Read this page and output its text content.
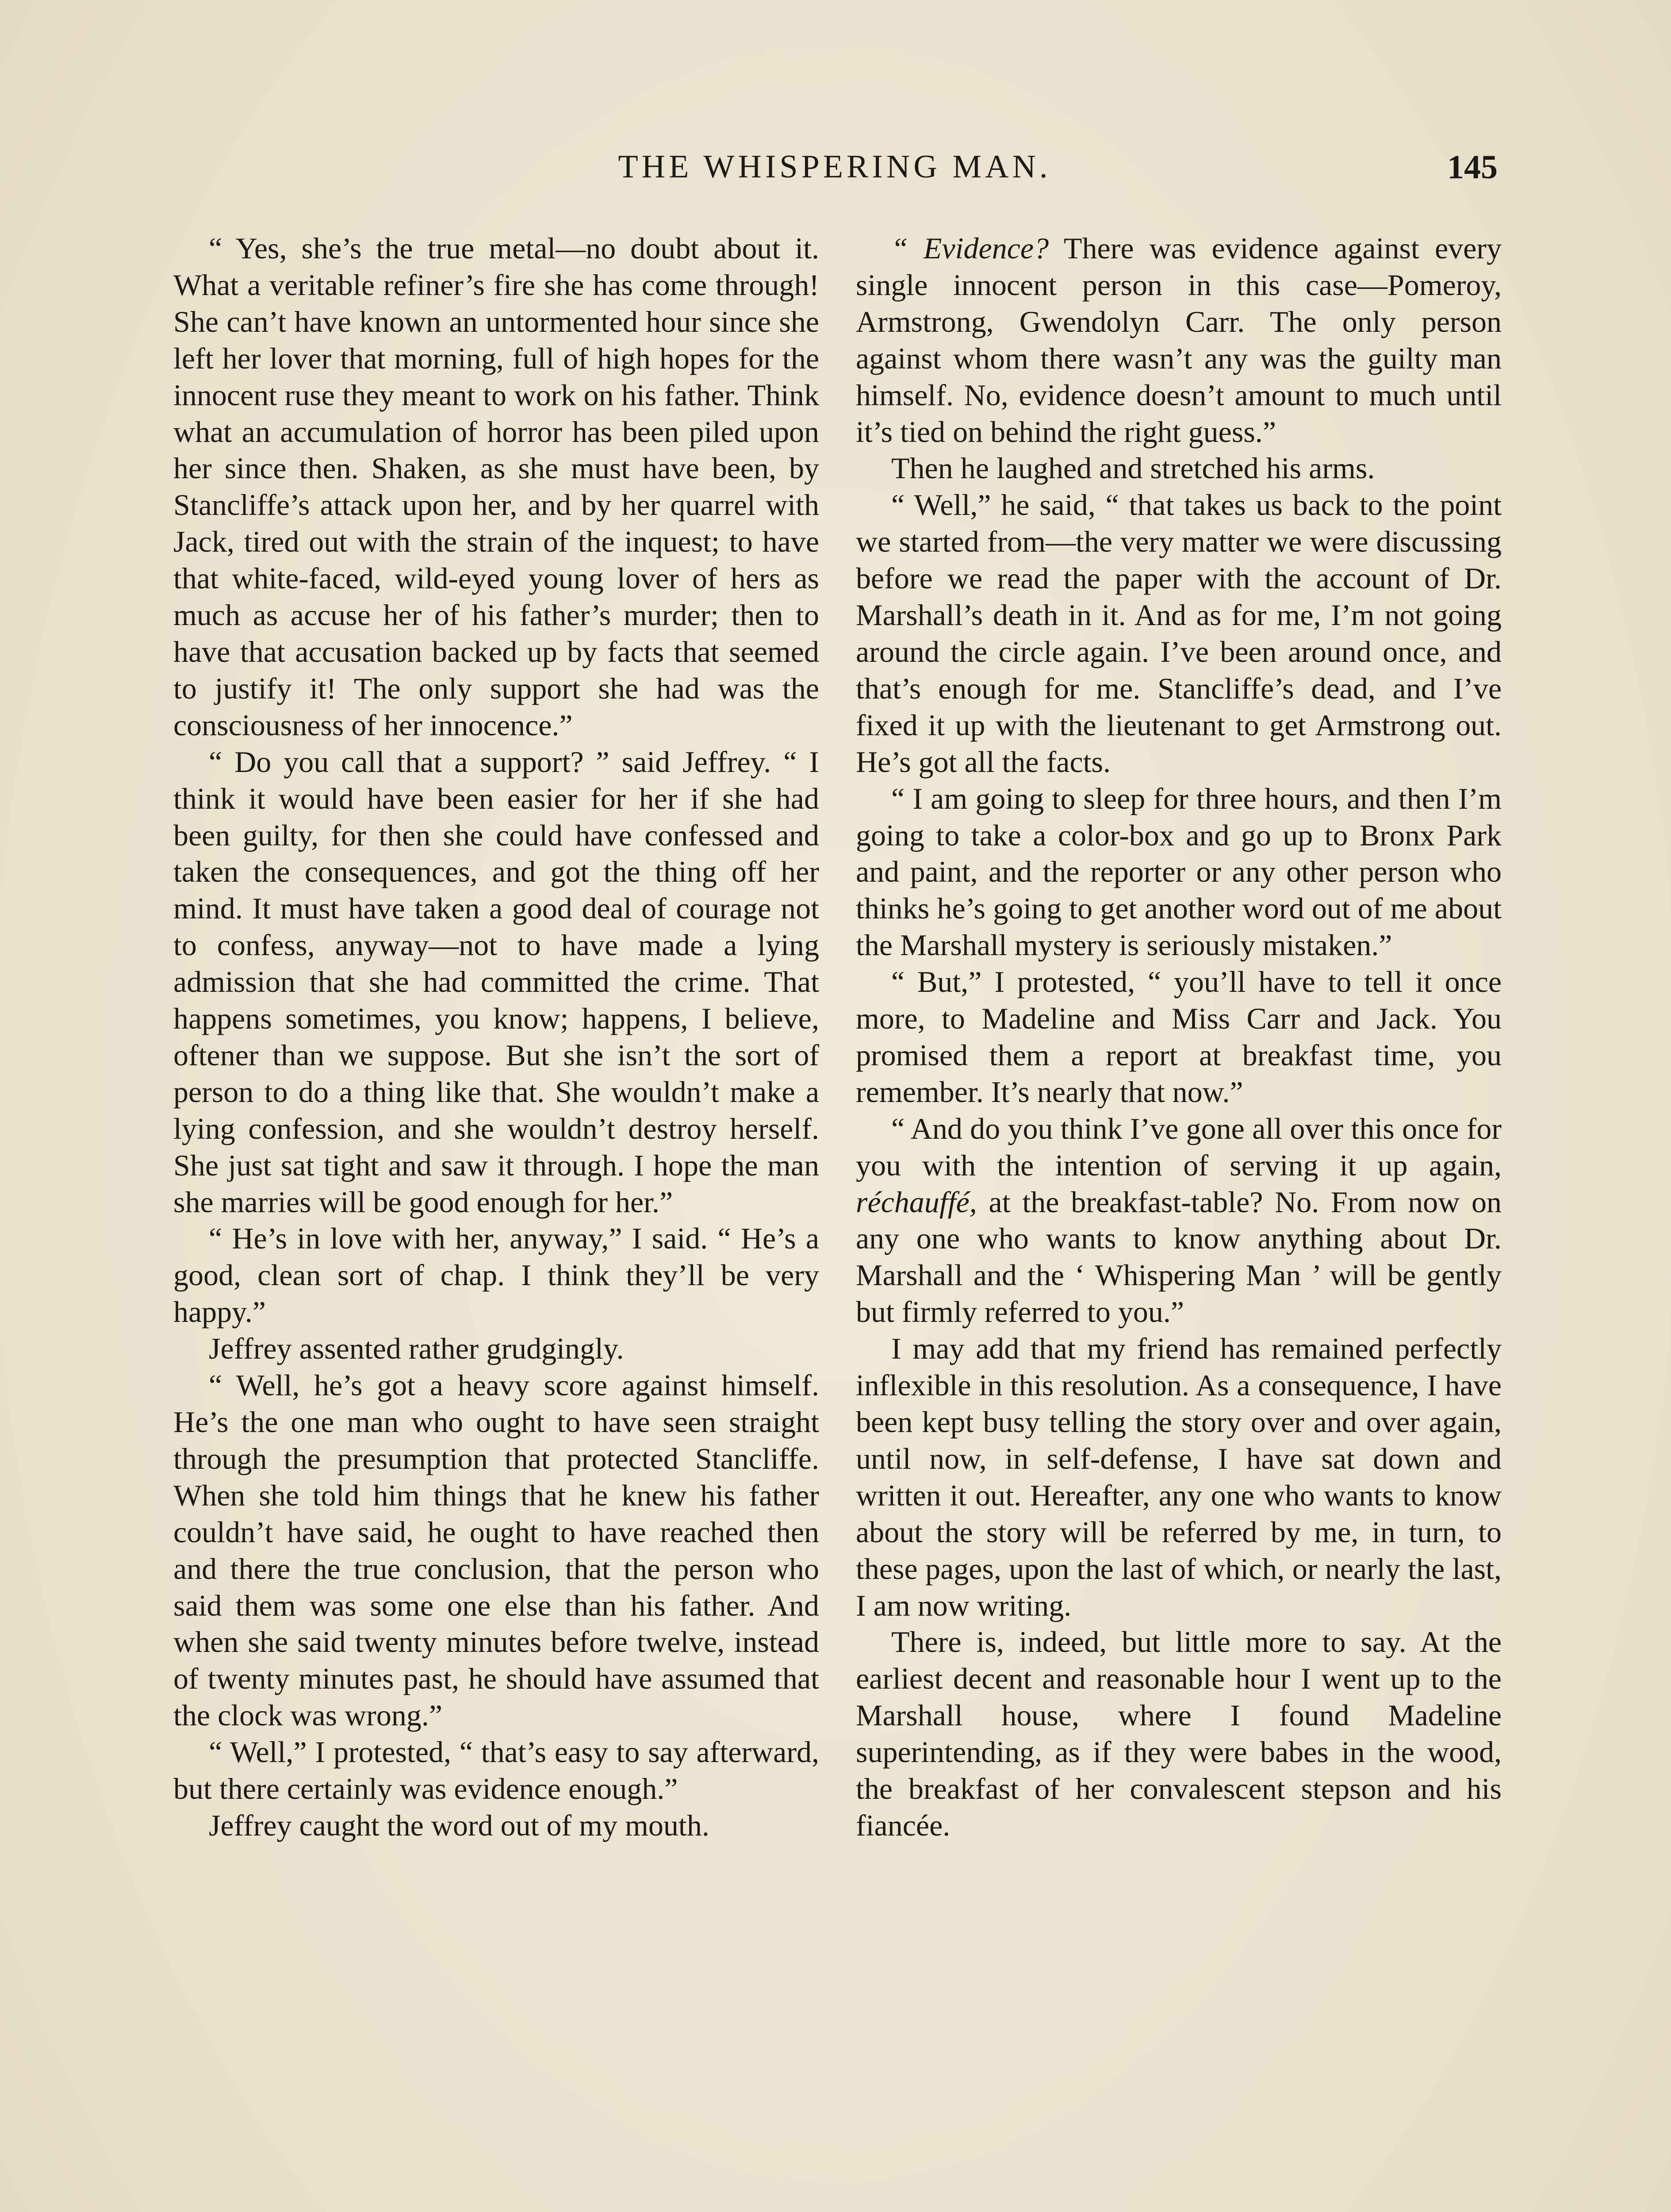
THE WHISPERING MAN.	145

“ Yes, she’s the true metal—no doubt about it. What a veritable refiner’s fire she has come through! She can’t have known an untormented hour since she left her lover that morning, full of high hopes for the innocent ruse they meant to work on his father. Think what an accumulation of horror has been piled upon her since then. Shaken, as she must have been, by Stancliffe’s attack upon her, and by her quarrel with Jack, tired out with the strain of the inquest; to have that white-faced, wild-eyed young lover of hers as much as accuse her of his father’s murder; then to have that accusation backed up by facts that seemed to justify it! The only support she had was the consciousness of her innocence.”

“ Do you call that a support? ” said Jeffrey. “ I think it would have been easier for her if she had been guilty, for then she could have confessed and taken the consequences, and got the thing off her mind. It must have taken a good deal of courage not to confess, anyway—not to have made a lying admission that she had committed the crime. That happens sometimes, you know; happens, I believe, oftener than we suppose. But she isn’t the sort of person to do a thing like that. She wouldn’t make a lying confession, and she wouldn’t destroy herself. She just sat tight and saw it through. I hope the man she marries will be good enough for her.”

“ He’s in love with her, anyway,” I said. “ He’s a good, clean sort of chap. I think they’ll be very happy.”

Jeffrey assented rather grudgingly.

“ Well, he’s got a heavy score against himself. He’s the one man who ought to have seen straight through the presumption that protected Stancliffe. When she told him things that he knew his father couldn’t have said, he ought to have reached then and there the true conclusion, that the person who said them was some one else than his father. And when she said twenty minutes before twelve, instead of twenty minutes past, he should have assumed that the clock was wrong.”

“ Well,” I protested, “ that’s easy to say afterward, but there certainly was evidence enough.”

Jeffrey caught the word out of my mouth.

“ Evidence? There was evidence against every single innocent person in this case—Pomeroy, Armstrong, Gwendolyn Carr. The only person against whom there wasn’t any was the guilty man himself. No, evidence doesn’t amount to much until it’s tied on behind the right guess.”

Then he laughed and stretched his arms.

“ Well,” he said, “ that takes us back to the point we started from—the very matter we were discussing before we read the paper with the account of Dr. Marshall’s death in it. And as for me, I’m not going around the circle again. I’ve been around once, and that’s enough for me. Stancliffe’s dead, and I’ve fixed it up with the lieutenant to get Armstrong out. He’s got all the facts.

“ I am going to sleep for three hours, and then I’m going to take a color-box and go up to Bronx Park and paint, and the reporter or any other person who thinks he’s going to get another word out of me about the Marshall mystery is seriously mistaken.”

“ But,” I protested, “ you’ll have to tell it once more, to Madeline and Miss Carr and Jack. You promised them a report at breakfast time, you remember. It’s nearly that now.”

“ And do you think I’ve gone all over this once for you with the intention of serving it up again, réchauffé, at the breakfast-table? No. From now on any one who wants to know anything about Dr. Marshall and the ‘ Whispering Man ’ will be gently but firmly referred to you.”

I may add that my friend has remained perfectly inflexible in this resolution. As a consequence, I have been kept busy telling the story over and over again, until now, in self-defense, I have sat down and written it out. Hereafter, any one who wants to know about the story will be referred by me, in turn, to these pages, upon the last of which, or nearly the last, I am now writing.

There is, indeed, but little more to say. At the earliest decent and reasonable hour I went up to the Marshall house, where I found Madeline superintending, as if they were babes in the wood, the breakfast of her convalescent stepson and his fiancée.
